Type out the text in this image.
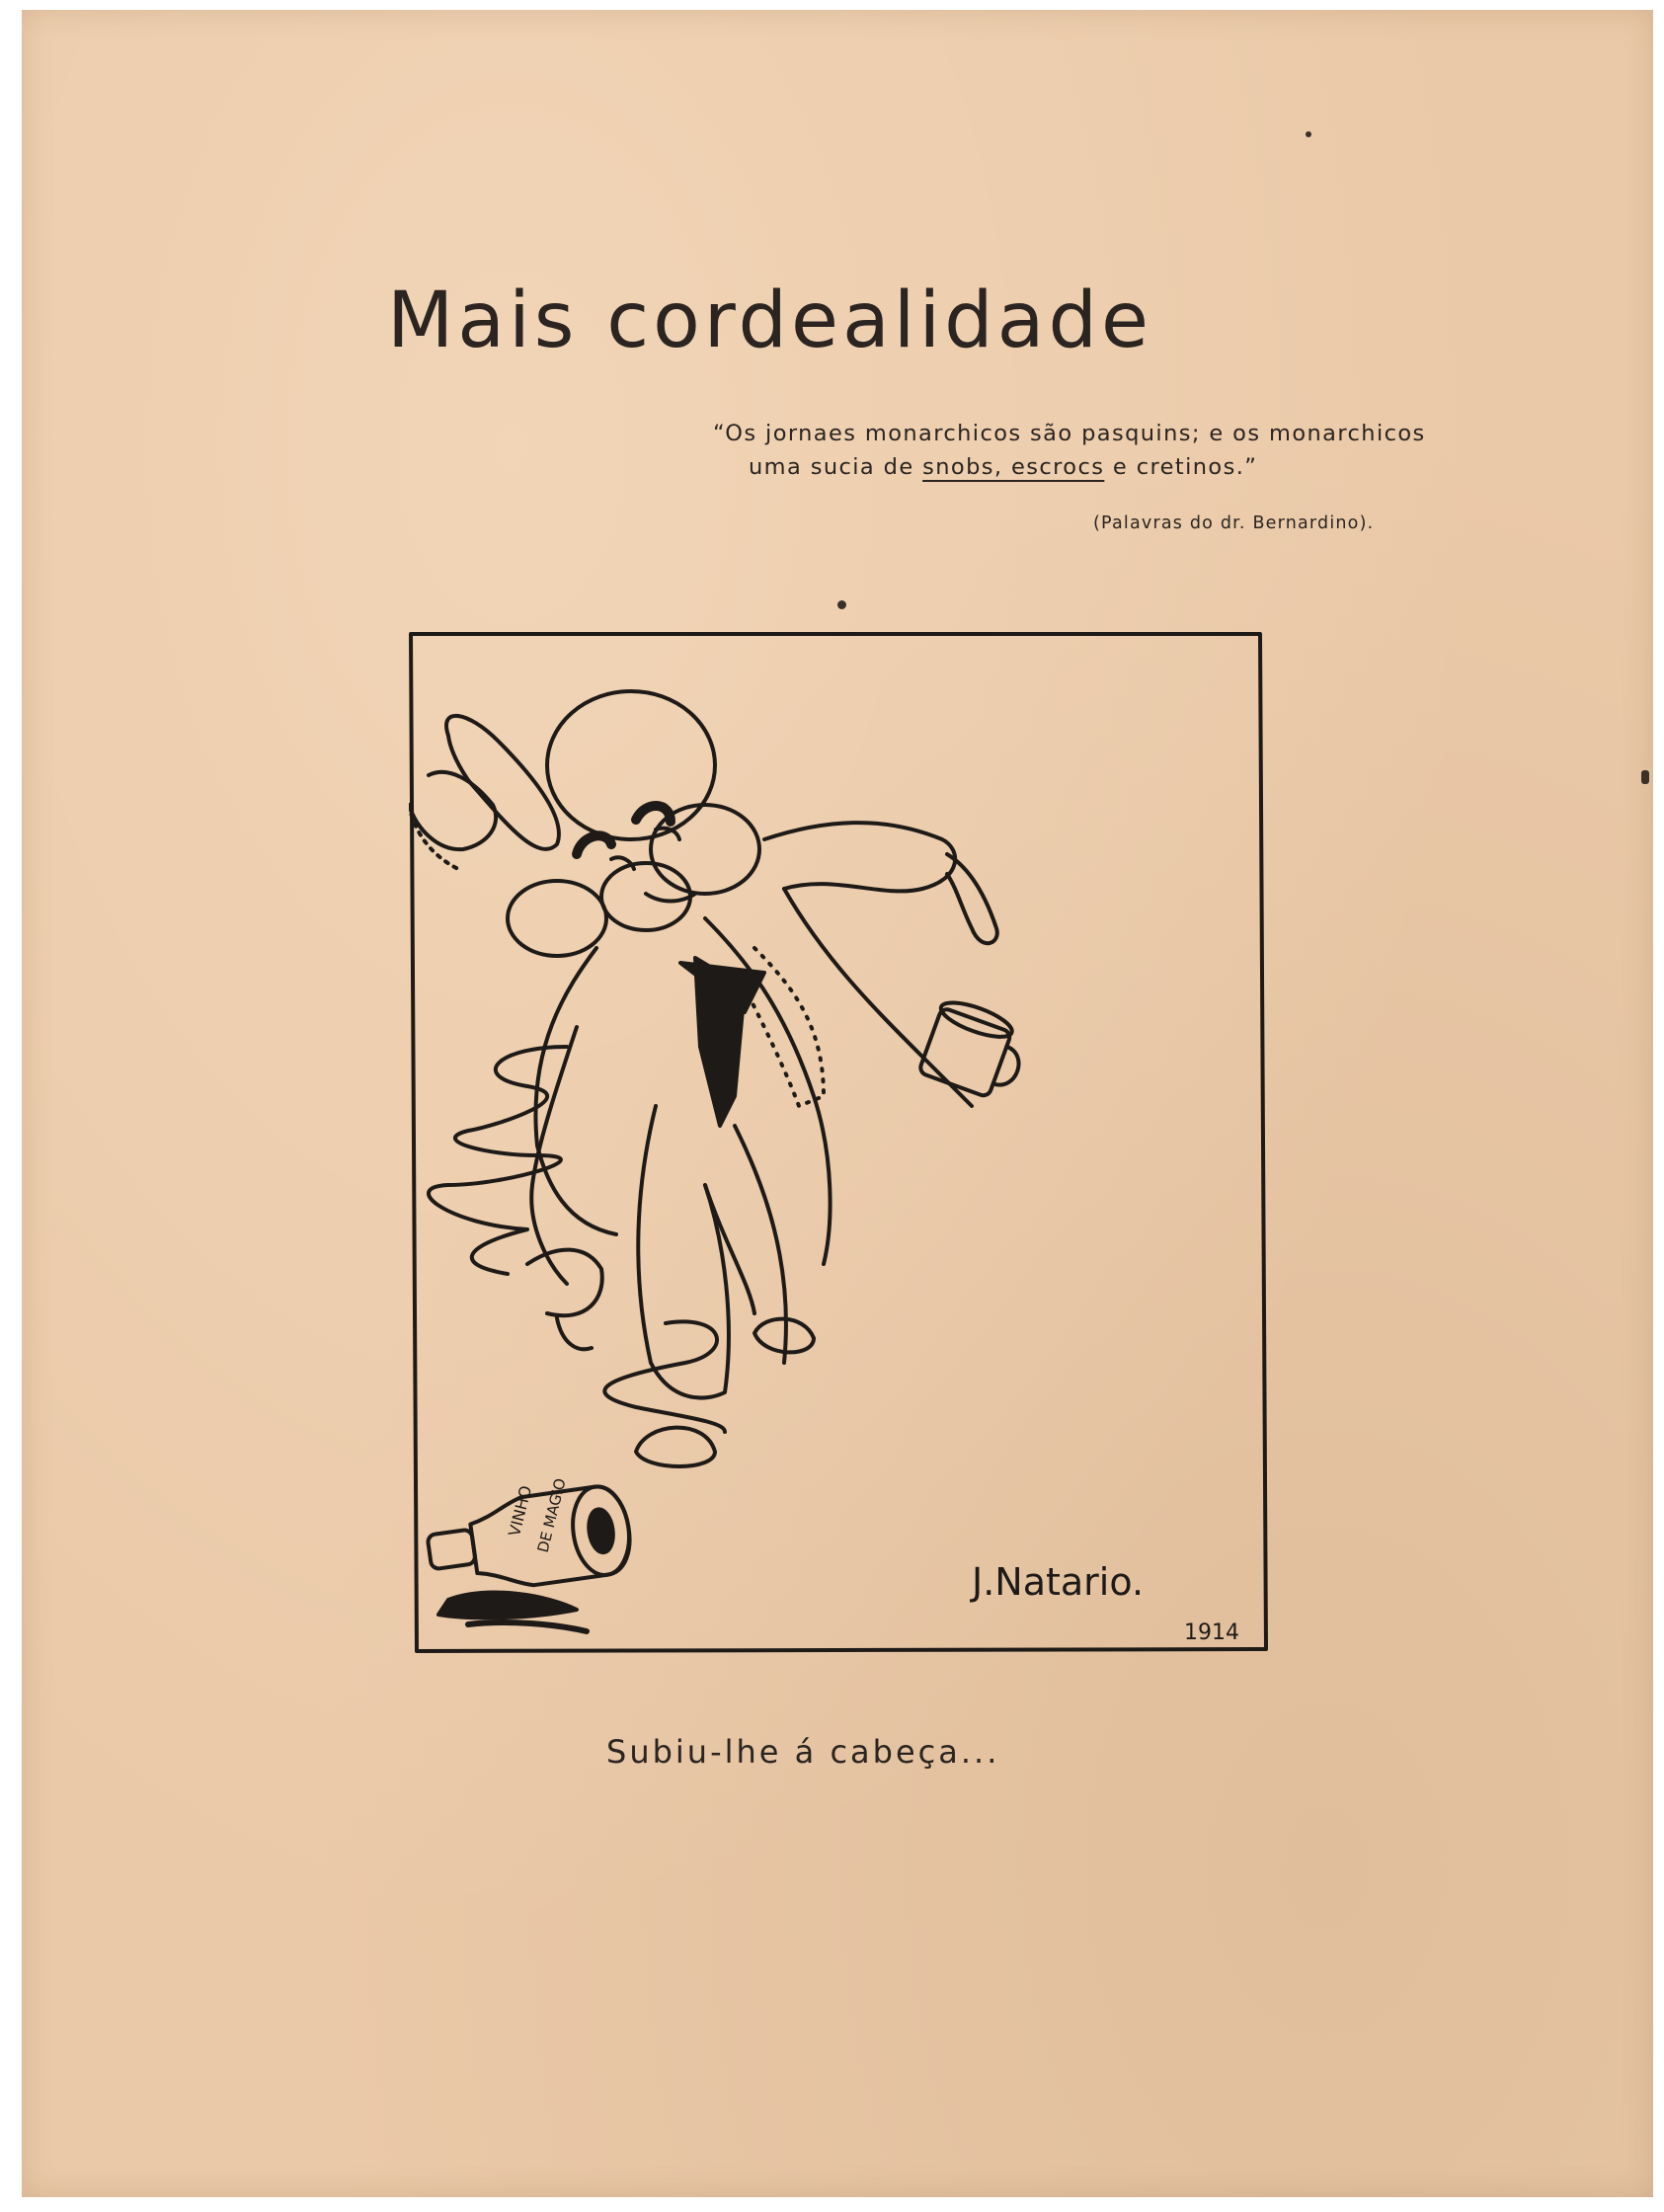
Mais cordealidade
“Os jornaes monarchicos são pasquins; e os monarchicos
uma sucia de snobs, escrocs e cretinos.”
(Palavras do dr. Bernardino).
VINHO
DE MAGIO
J.Natario.
1914
Subiu-lhe á cabeça...
